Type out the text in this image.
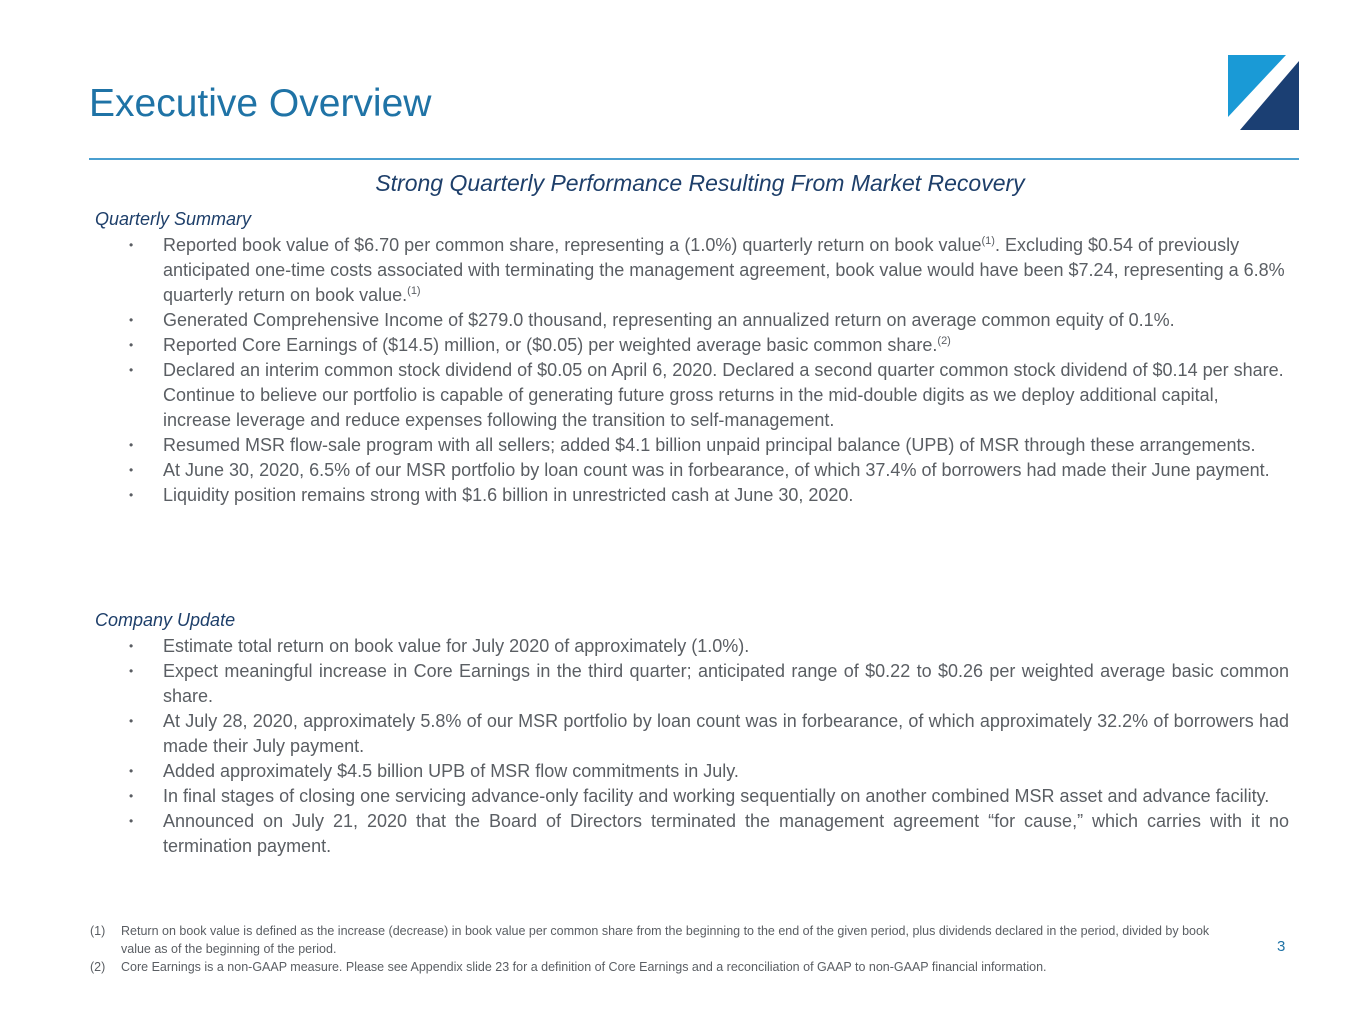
Executive Overview
Strong Quarterly Performance Resulting From Market Recovery
Quarterly Summary
• Reported book value of $6.70 per common share, representing a (1.0%) quarterly return on book value$^{(1)}$. Excluding $0.54 of previously anticipated one-time costs associated with terminating the management agreement, book value would have been $7.24, representing a 6.8% quarterly return on book value.$^{(1)}$
• Generated Comprehensive Income of $279.0 thousand, representing an annualized return on average common equity of 0.1%.
• Reported Core Earnings of ($14.5) million, or ($0.05) per weighted average basic common share.$^{(2)}$
• Declared an interim common stock dividend of $0.05 on April 6, 2020. Declared a second quarter common stock dividend of $0.14 per share. Continue to believe our portfolio is capable of generating future gross returns in the mid-double digits as we deploy additional capital, increase leverage and reduce expenses following the transition to self-management.
• Resumed MSR flow-sale program with all sellers; added $4.1 billion unpaid principal balance (UPB) of MSR through these arrangements.
• At June 30, 2020, 6.5% of our MSR portfolio by loan count was in forbearance, of which 37.4% of borrowers had made their June payment.
• Liquidity position remains strong with $1.6 billion in unrestricted cash at June 30, 2020.
Company Update
• Estimate total return on book value for July 2020 of approximately (1.0%).
• Expect meaningful increase in Core Earnings in the third quarter; anticipated range of $0.22 to $0.26 per weighted average basic common share.
• At July 28, 2020, approximately 5.8% of our MSR portfolio by loan count was in forbearance, of which approximately 32.2% of borrowers had made their July payment.
• Added approximately $4.5 billion UPB of MSR flow commitments in July.
• In final stages of closing one servicing advance-only facility and working sequentially on another combined MSR asset and advance facility.
• Announced on July 21, 2020 that the Board of Directors terminated the management agreement “for cause,” which carries with it no termination payment.
(1)	Return on book value is defined as the increase (decrease) in book value per common share from the beginning to the end of the given period, plus dividends declared in the period, divided by book value as of the beginning of the period.
(2)	Core Earnings is a non-GAAP measure. Please see Appendix slide 23 for a definition of Core Earnings and a reconciliation of GAAP to non-GAAP financial information.
3
